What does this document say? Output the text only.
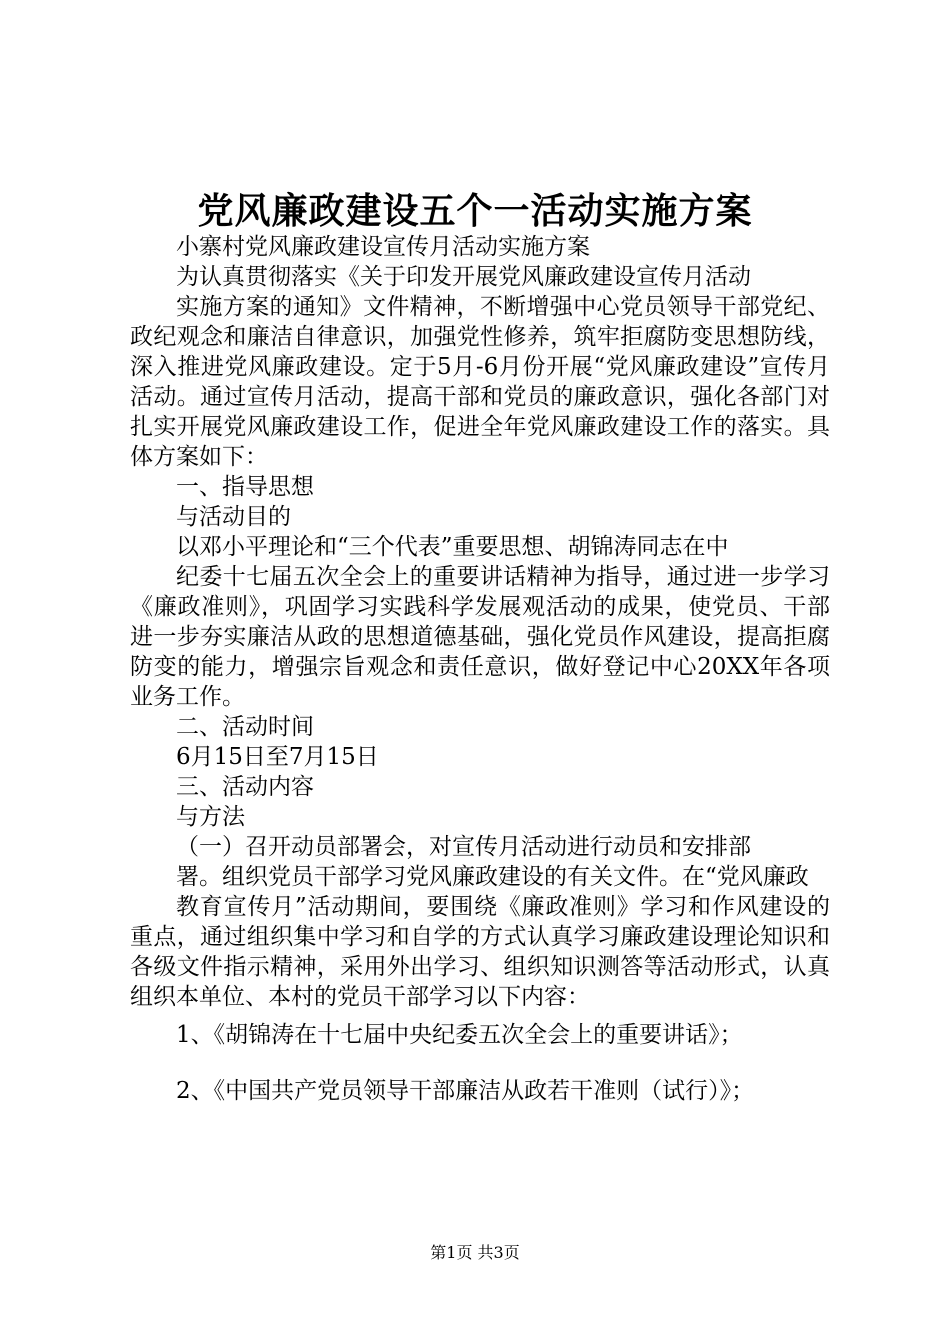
党风廉政建设五个一活动实施方案

小寨村党风廉政建设宣传月活动实施方案

为认真贯彻落实《关于印发开展党风廉政建设宣传月活动

实施方案的通知》文件精神，不断增强中心党员领导干部党纪、政纪观念和廉洁自律意识，加强党性修养，筑牢拒腐防变思想防线，深入推进党风廉政建设。定于5月-6月份开展“党风廉政建设”宣传月活动。通过宣传月活动，提高干部和党员的廉政意识，强化各部门对扎实开展党风廉政建设工作，促进全年党风廉政建设工作的落实。具体方案如下：

一、指导思想

与活动目的

以邓小平理论和“三个代表”重要思想、胡锦涛同志在中

纪委十七届五次全会上的重要讲话精神为指导，通过进一步学习《廉政准则》，巩固学习实践科学发展观活动的成果，使党员、干部进一步夯实廉洁从政的思想道德基础，强化党员作风建设，提高拒腐防变的能力，增强宗旨观念和责任意识，做好登记中心20XX年各项业务工作。

二、活动时间

6月15日至7月15日

三、活动内容

与方法

（一）召开动员部署会，对宣传月活动进行动员和安排部

署。组织党员干部学习党风廉政建设的有关文件。在“党风廉政

教育宣传月”活动期间，要围绕《廉政准则》学习和作风建设的重点，通过组织集中学习和自学的方式认真学习廉政建设理论知识和各级文件指示精神，采用外出学习、组织知识测答等活动形式，认真组织本单位、本村的党员干部学习以下内容：

1、《胡锦涛在十七届中央纪委五次全会上的重要讲话》；

2、《中国共产党员领导干部廉洁从政若干准则（试行）》；

第1页 共3页
